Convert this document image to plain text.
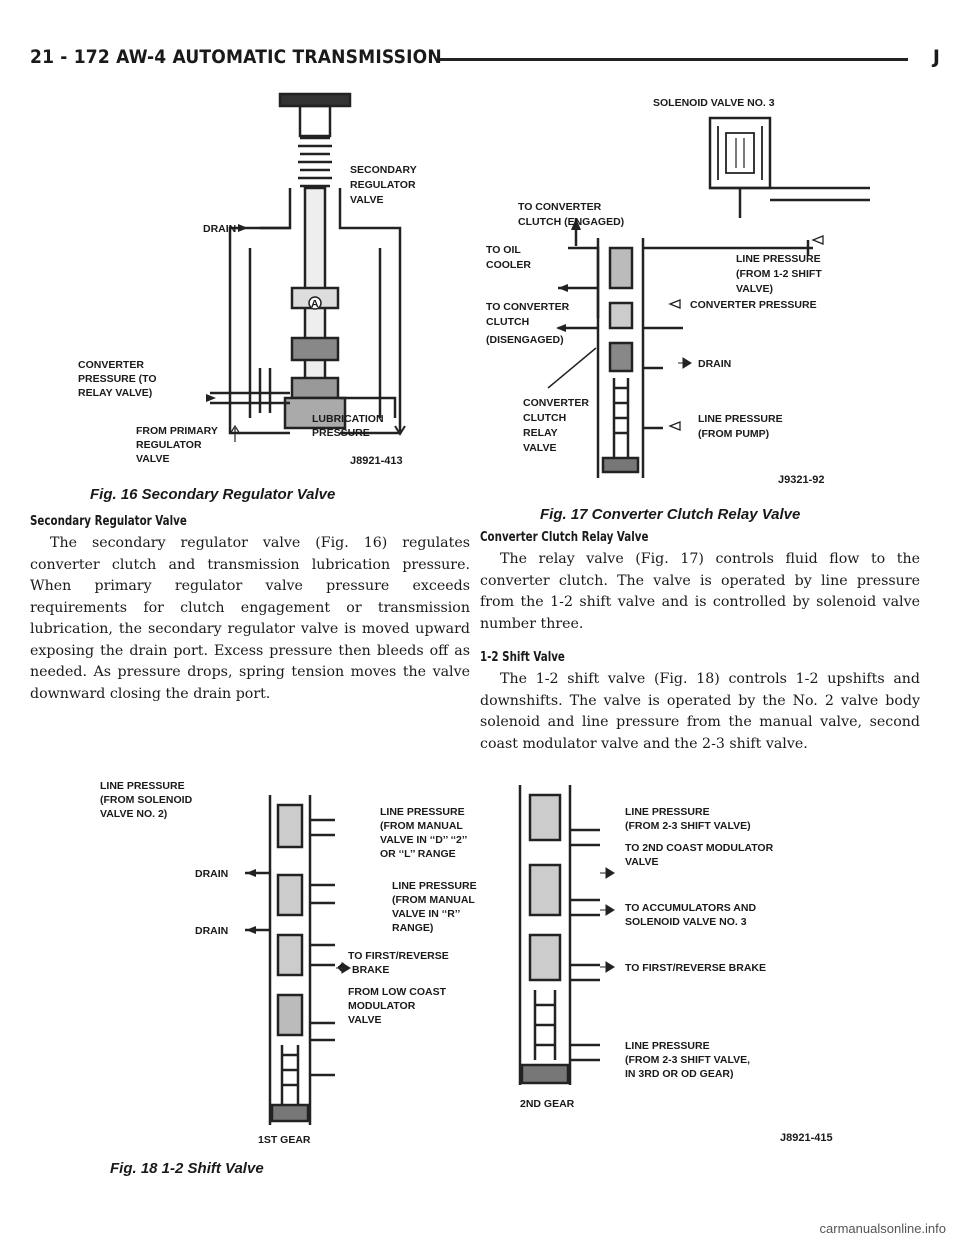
21 - 172 AW-4 AUTOMATIC TRANSMISSION	J
A
SECONDARY
REGULATOR
VALVE
DRAIN
CONVERTER
PRESSURE (TO
RELAY VALVE)
FROM PRIMARY
REGULATOR
VALVE
LUBRICATION
PRESSURE
J8921-413
Fig. 16 Secondary Regulator Valve
SOLENOID VALVE NO. 3
TO CONVERTER
CLUTCH (ENGAGED)
TO OIL
COOLER	LINE PRESSURE
(FROM 1-2 SHIFT
VALVE)
CONVERTER PRESSURE
TO CONVERTER
CLUTCH
(DISENGAGED)
DRAIN
CONVERTER
CLUTCH
RELAY
VALVE
LINE PRESSURE
(FROM PUMP)
J9321-92
Fig. 17 Converter Clutch Relay Valve
Secondary Regulator Valve

The secondary regulator valve (Fig. 16) regulates converter clutch and transmission lubrication pressure. When primary regulator valve pressure exceeds requirements for clutch engagement or transmission lubrication, the secondary regulator valve is moved upward exposing the drain port. Excess pressure then bleeds off as needed. As pressure drops, spring tension moves the valve downward closing the drain port.

Converter Clutch Relay Valve

The relay valve (Fig. 17) controls fluid flow to the converter clutch. The valve is operated by line pressure from the 1-2 shift valve and is controlled by solenoid valve number three.

1-2 Shift Valve

The 1-2 shift valve (Fig. 18) controls 1-2 upshifts and downshifts. The valve is operated by the No. 2 valve body solenoid and line pressure from the manual valve, second coast modulator valve and the 2-3 shift valve.

LINE PRESSURE
(FROM SOLENOID
VALVE NO. 2)	LINE PRESSURE
(FROM MANUAL
VALVE IN ‘‘D’’ ‘‘2’’
OR ‘‘L’’ RANGE
DRAIN
LINE PRESSURE
(FROM MANUAL
VALVE IN ‘‘R’’
RANGE)
DRAIN
TO FIRST/REVERSE
BRAKE
FROM LOW COAST
MODULATOR
VALVE
1ST GEAR
LINE PRESSURE
(FROM 2-3 SHIFT VALVE)
TO 2ND COAST MODULATOR
VALVE
TO ACCUMULATORS AND
SOLENOID VALVE NO. 3
TO FIRST/REVERSE BRAKE
LINE PRESSURE
(FROM 2-3 SHIFT VALVE,
IN 3RD OR OD GEAR)
2ND GEAR
J8921-415
Fig. 18 1-2 Shift Valve
carmanualsonline.info
